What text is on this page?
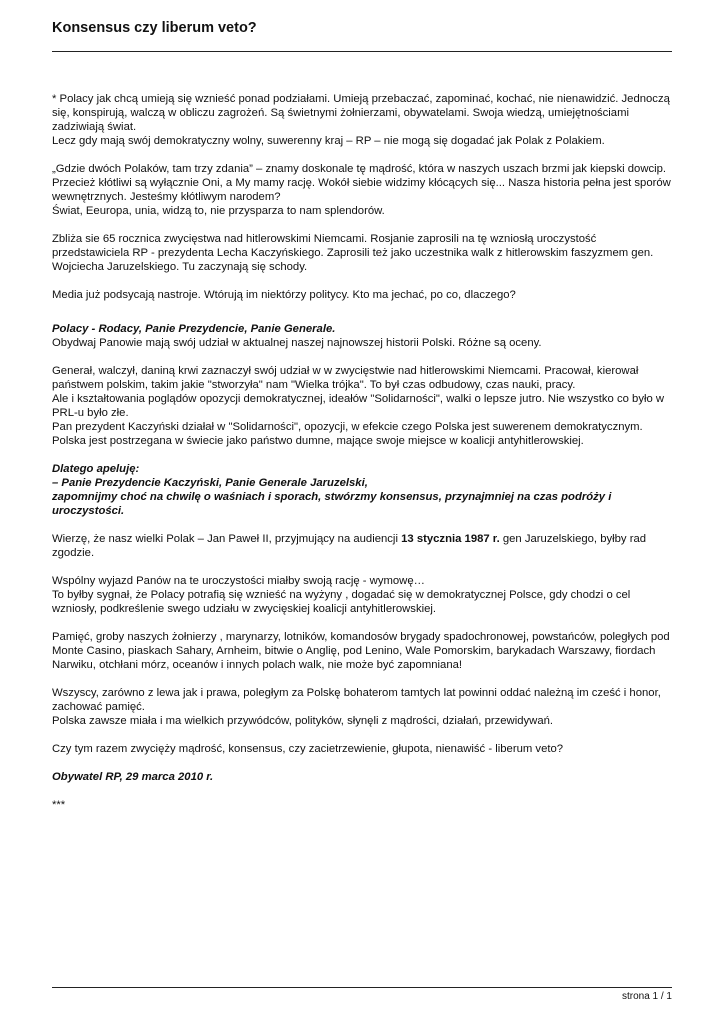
Konsensus czy liberum veto?

* Polacy jak chcą umieją się wznieść ponad podziałami. Umieją przebaczać, zapominać, kochać, nie nienawidzić. Jednoczą się, konspirują, walczą w obliczu zagrożeń. Są świetnymi żołnierzami, obywatelami. Swoja wiedzą, umiejętnościami zadziwiają świat.
Lecz gdy mają swój demokratyczny wolny, suwerenny kraj – RP – nie mogą się dogadać jak Polak z Polakiem.

„Gdzie dwóch Polaków, tam trzy zdania” – znamy doskonale tę mądrość, która w naszych uszach brzmi jak kiepski dowcip. Przecież kłótliwi są wyłącznie Oni, a My mamy rację. Wokół siebie widzimy kłócących się... Nasza historia pełna jest sporów wewnętrznych. Jesteśmy kłótliwym narodem?
Świat, Eeuropa, unia, widzą to, nie przysparza to nam splendorów.

Zbliża sie 65 rocznica zwycięstwa nad hitlerowskimi Niemcami. Rosjanie zaprosili na tę wzniosłą uroczystość przedstawiciela RP - prezydenta Lecha Kaczyńskiego. Zaprosili też jako uczestnika walk z hitlerowskim faszyzmem gen. Wojciecha Jaruzelskiego. Tu zaczynają się schody.

Media już podsycają nastroje. Wtórują im niektórzy politycy. Kto ma jechać, po co, dlaczego?

Polacy - Rodacy, Panie Prezydencie, Panie Generale.
Obydwaj Panowie mają swój udział w aktualnej naszej najnowszej historii Polski. Różne są oceny.

Generał, walczył, daniną krwi zaznaczył swój udział w w zwycięstwie nad hitlerowskimi Niemcami. Pracował, kierował państwem polskim, takim jakie "stworzyła" nam "Wielka trójka". To był czas odbudowy, czas nauki, pracy.
Ale i kształtowania poglądów opozycji demokratycznej, ideałów "Solidarności", walki o lepsze jutro. Nie wszystko co było w PRL-u było złe.
Pan prezydent Kaczyński działał w "Solidarności", opozycji, w efekcie czego Polska jest suwerenem demokratycznym. Polska jest postrzegana w świecie jako państwo dumne, mające swoje miejsce w koalicji antyhitlerowskiej.

Dlatego apeluję:
– Panie Prezydencie Kaczyński, Panie Generale Jaruzelski,
zapomnijmy choć na chwilę o waśniach i sporach, stwórzmy konsensus, przynajmniej na czas podróży i uroczystości.

Wierzę, że nasz wielki Polak – Jan Paweł II, przyjmujący na audiencji 13 stycznia 1987 r. gen Jaruzelskiego, byłby rad zgodzie.

Wspólny wyjazd Panów na te uroczystości miałby swoją rację - wymowę…
To byłby sygnał, że Polacy potrafią się wznieść na wyżyny , dogadać się w demokratycznej Polsce, gdy chodzi o cel wzniosły, podkreślenie swego udziału w zwycięskiej koalicji antyhitlerowskiej.

Pamięć, groby naszych żołnierzy , marynarzy, lotników, komandosów brygady spadochronowej, powstańców, poległych pod Monte Casino, piaskach Sahary, Arnheim, bitwie o Anglię, pod Lenino, Wale Pomorskim, barykadach Warszawy, fiordach Narwiku, otchłani mórz, oceanów i innych polach walk, nie może być zapomniana!

Wszyscy, zarówno z lewa jak i prawa, poległym za Polskę bohaterom tamtych lat powinni oddać należną im cześć i honor, zachować pamięć.
Polska zawsze miała i ma wielkich przywódców, polityków, słynęli z mądrości, działań, przewidywań.

Czy tym razem zwycięży mądrość, konsensus, czy zacietrzewienie, głupota, nienawiść - liberum veto?

Obywatel RP, 29 marca 2010 r.

***

strona 1 / 1
